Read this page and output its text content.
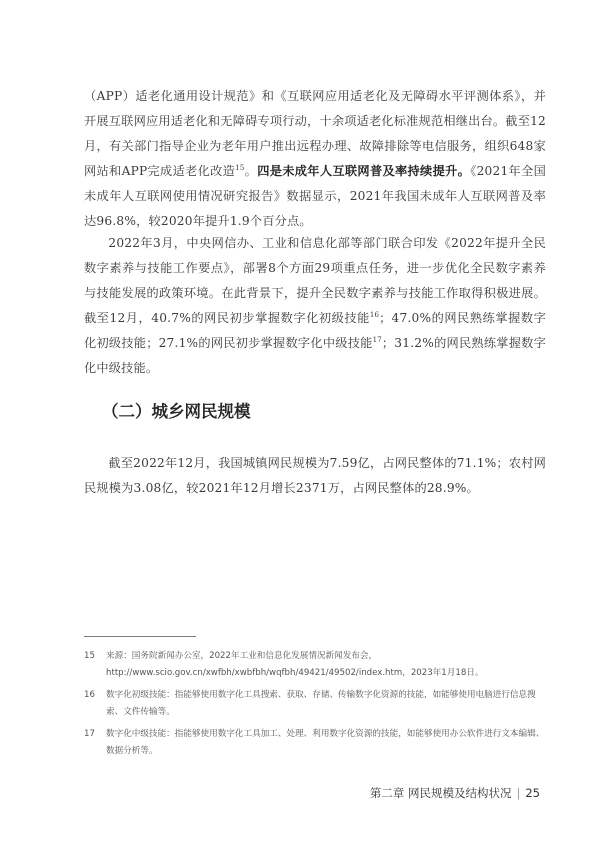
（APP）适老化通用设计规范》和《互联网应用适老化及无障碍水平评测体系》，并开展互联网应用适老化和无障碍专项行动，十余项适老化标准规范相继出台。截至12月，有关部门指导企业为老年用户推出远程办理、故障排除等电信服务，组织648家网站和APP完成适老化改造$^{15}$。四是未成年人互联网普及率持续提升。《2021年全国未成年人互联网使用情况研究报告》数据显示，2021年我国未成年人互联网普及率达96.8%，较2020年提升1.9个百分点。

2022年3月，中央网信办、工业和信息化部等部门联合印发《2022年提升全民数字素养与技能工作要点》，部署8个方面29项重点任务，进一步优化全民数字素养与技能发展的政策环境。在此背景下，提升全民数字素养与技能工作取得积极进展。截至12月，40.7%的网民初步掌握数字化初级技能$^{16}$；47.0%的网民熟练掌握数字化初级技能；27.1%的网民初步掌握数字化中级技能$^{17}$；31.2%的网民熟练掌握数字化中级技能。

（二）城乡网民规模

截至2022年12月，我国城镇网民规模为7.59亿，占网民整体的71.1%；农村网民规模为3.08亿，较2021年12月增长2371万，占网民整体的28.9%。

15	来源：国务院新闻办公室，2022年工业和信息化发展情况新闻发布会，http://www.scio.gov.cn/xwfbh/xwbfbh/wqfbh/49421/49502/index.htm，2023年1月18日。
16	数字化初级技能：指能够使用数字化工具搜索、获取、存储、传输数字化资源的技能，如能够使用电脑进行信息搜索、文件传输等。
17	数字化中级技能：指能够使用数字化工具加工、处理、利用数字化资源的技能，如能够使用办公软件进行文本编辑、数据分析等。
第二章 网民规模及结构状况 | 25
